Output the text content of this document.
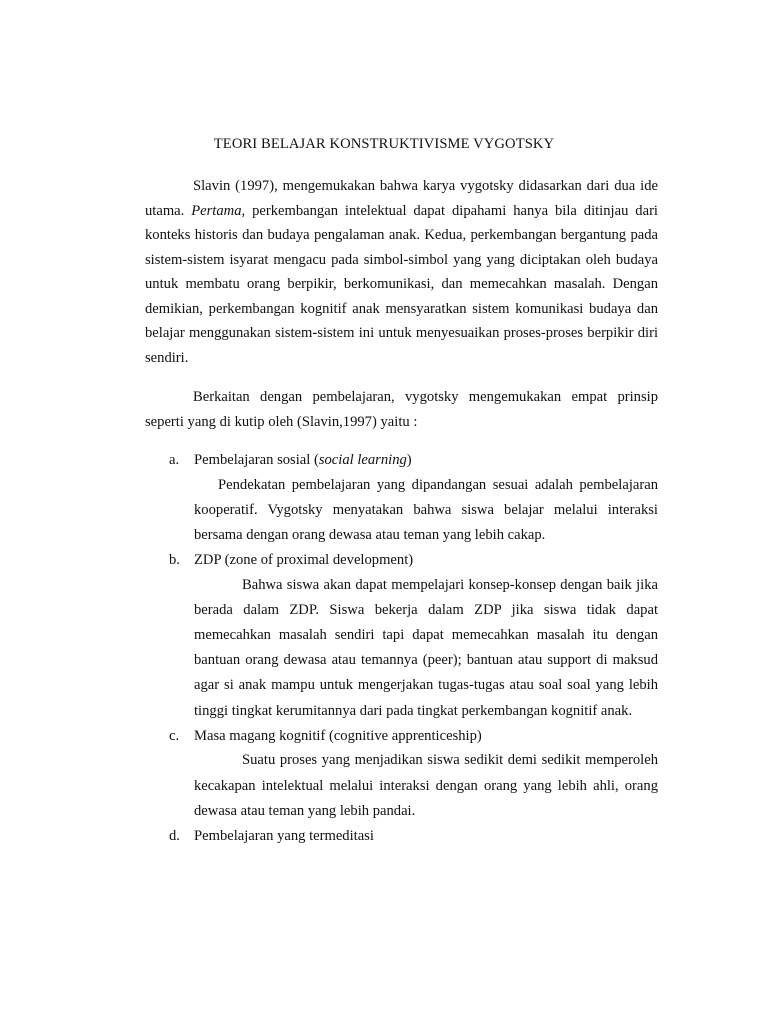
TEORI BELAJAR KONSTRUKTIVISME VYGOTSKY

Slavin (1997), mengemukakan bahwa karya vygotsky didasarkan dari dua ide utama. Pertama, perkembangan intelektual dapat dipahami hanya bila ditinjau dari konteks historis dan budaya pengalaman anak. Kedua, perkembangan bergantung pada sistem-sistem isyarat mengacu pada simbol-simbol yang yang diciptakan oleh budaya untuk membatu orang berpikir, berkomunikasi, dan memecahkan masalah. Dengan demikian, perkembangan kognitif anak mensyaratkan sistem komunikasi budaya dan belajar menggunakan sistem-sistem ini untuk menyesuaikan proses-proses berpikir diri sendiri.

Berkaitan dengan pembelajaran, vygotsky mengemukakan empat prinsip seperti yang di kutip oleh (Slavin,1997) yaitu :

a. Pembelajaran sosial (social learning)

Pendekatan pembelajaran yang dipandangan sesuai adalah pembelajaran kooperatif. Vygotsky menyatakan bahwa siswa belajar melalui interaksi bersama dengan orang dewasa atau teman yang lebih cakap.

b. ZDP (zone of proximal development)

Bahwa siswa akan dapat mempelajari konsep-konsep dengan baik jika berada dalam ZDP. Siswa bekerja dalam ZDP jika siswa tidak dapat memecahkan masalah sendiri tapi dapat memecahkan masalah itu dengan bantuan orang dewasa atau temannya (peer); bantuan atau support di maksud agar si anak mampu untuk mengerjakan tugas-tugas atau soal soal yang lebih tinggi tingkat kerumitannya dari pada tingkat perkembangan kognitif anak.

c. Masa magang kognitif (cognitive apprenticeship)

Suatu proses yang menjadikan siswa sedikit demi sedikit memperoleh kecakapan intelektual melalui interaksi dengan orang yang lebih ahli, orang dewasa atau teman yang lebih pandai.

d. Pembelajaran yang termeditasi
